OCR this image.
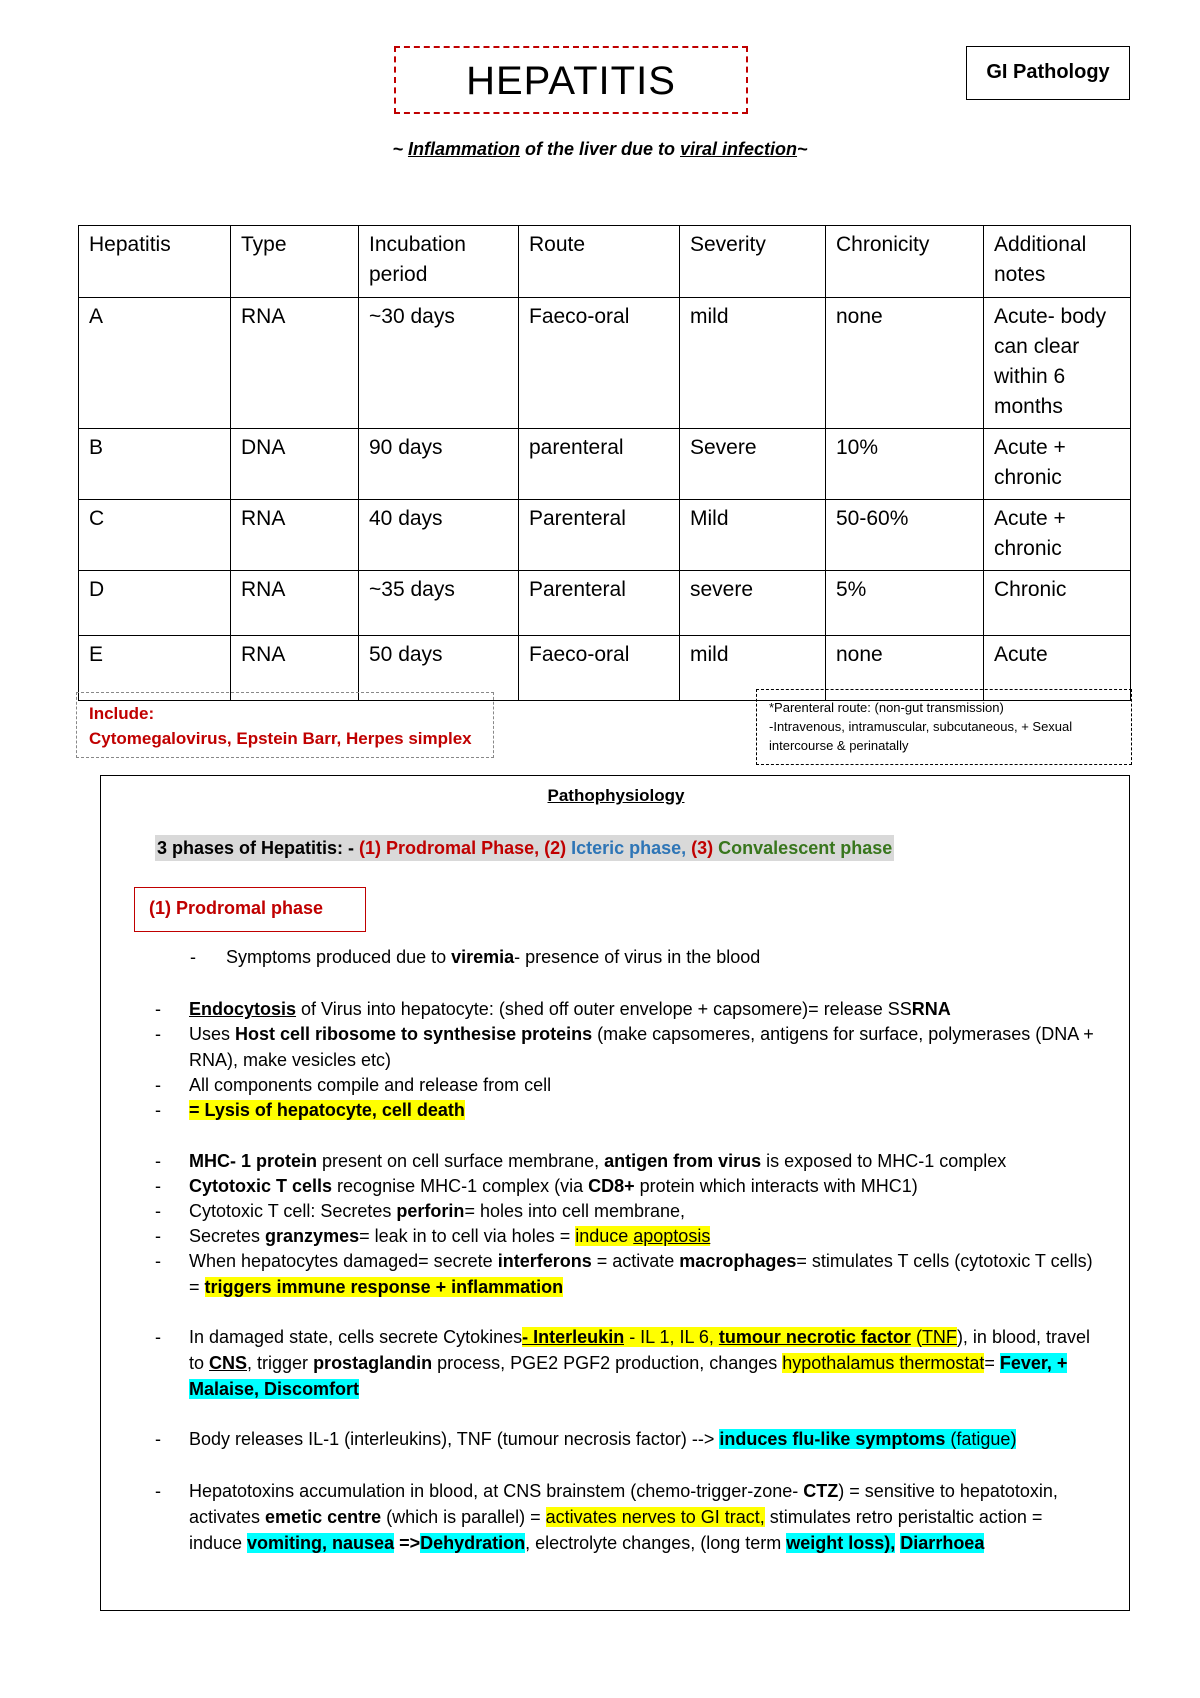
HEPATITIS	GI Pathology
~ Inflammation of the liver due to viral infection~
Hepatitis	Type	Incubation period	Route	Severity	Chronicity	Additional notes
A	RNA	~30 days	Faeco-oral	mild	none	Acute- body can clear within 6 months
B	DNA	90 days	parenteral	Severe	10%	Acute + chronic
C	RNA	40 days	Parenteral	Mild	50-60%	Acute + chronic
D	RNA	~35 days	Parenteral	severe	5%	Chronic
E	RNA	50 days	Faeco-oral	mild	none	Acute
Include:
Cytomegalovirus, Epstein Barr, Herpes simplex
*Parenteral route: (non-gut transmission)
-Intravenous, intramuscular, subcutaneous, + Sexual
intercourse & perinatally
Pathophysiology
3 phases of Hepatitis: - (1) Prodromal Phase, (2) Icteric phase, (3) Convalescent phase
(1) Prodromal phase
- Symptoms produced due to viremia- presence of virus in the blood
- Endocytosis of Virus into hepatocyte: (shed off outer envelope + capsomere)= release SSRNA
- Uses Host cell ribosome to synthesise proteins (make capsomeres, antigens for surface, polymerases (DNA + RNA), make vesicles etc)
- All components compile and release from cell
- = Lysis of hepatocyte, cell death
- MHC- 1 protein present on cell surface membrane, antigen from virus is exposed to MHC-1 complex
- Cytotoxic T cells recognise MHC-1 complex (via CD8+ protein which interacts with MHC1)
- Cytotoxic T cell: Secretes perforin= holes into cell membrane,
- Secretes granzymes= leak in to cell via holes = induce apoptosis
- When hepatocytes damaged= secrete interferons = activate macrophages= stimulates T cells (cytotoxic T cells) = triggers immune response + inflammation
- In damaged state, cells secrete Cytokines- Interleukin - IL 1, IL 6, tumour necrotic factor (TNF), in blood, travel to CNS, trigger prostaglandin process, PGE2 PGF2 production, changes hypothalamus thermostat= Fever, + Malaise, Discomfort
- Body releases IL-1 (interleukins), TNF (tumour necrosis factor) --> induces flu-like symptoms (fatigue)
- Hepatotoxins accumulation in blood, at CNS brainstem (chemo-trigger-zone- CTZ) = sensitive to hepatotoxin, activates emetic centre (which is parallel) = activates nerves to GI tract, stimulates retro peristaltic action = induce vomiting, nausea =>Dehydration, electrolyte changes, (long term weight loss), Diarrhoea
